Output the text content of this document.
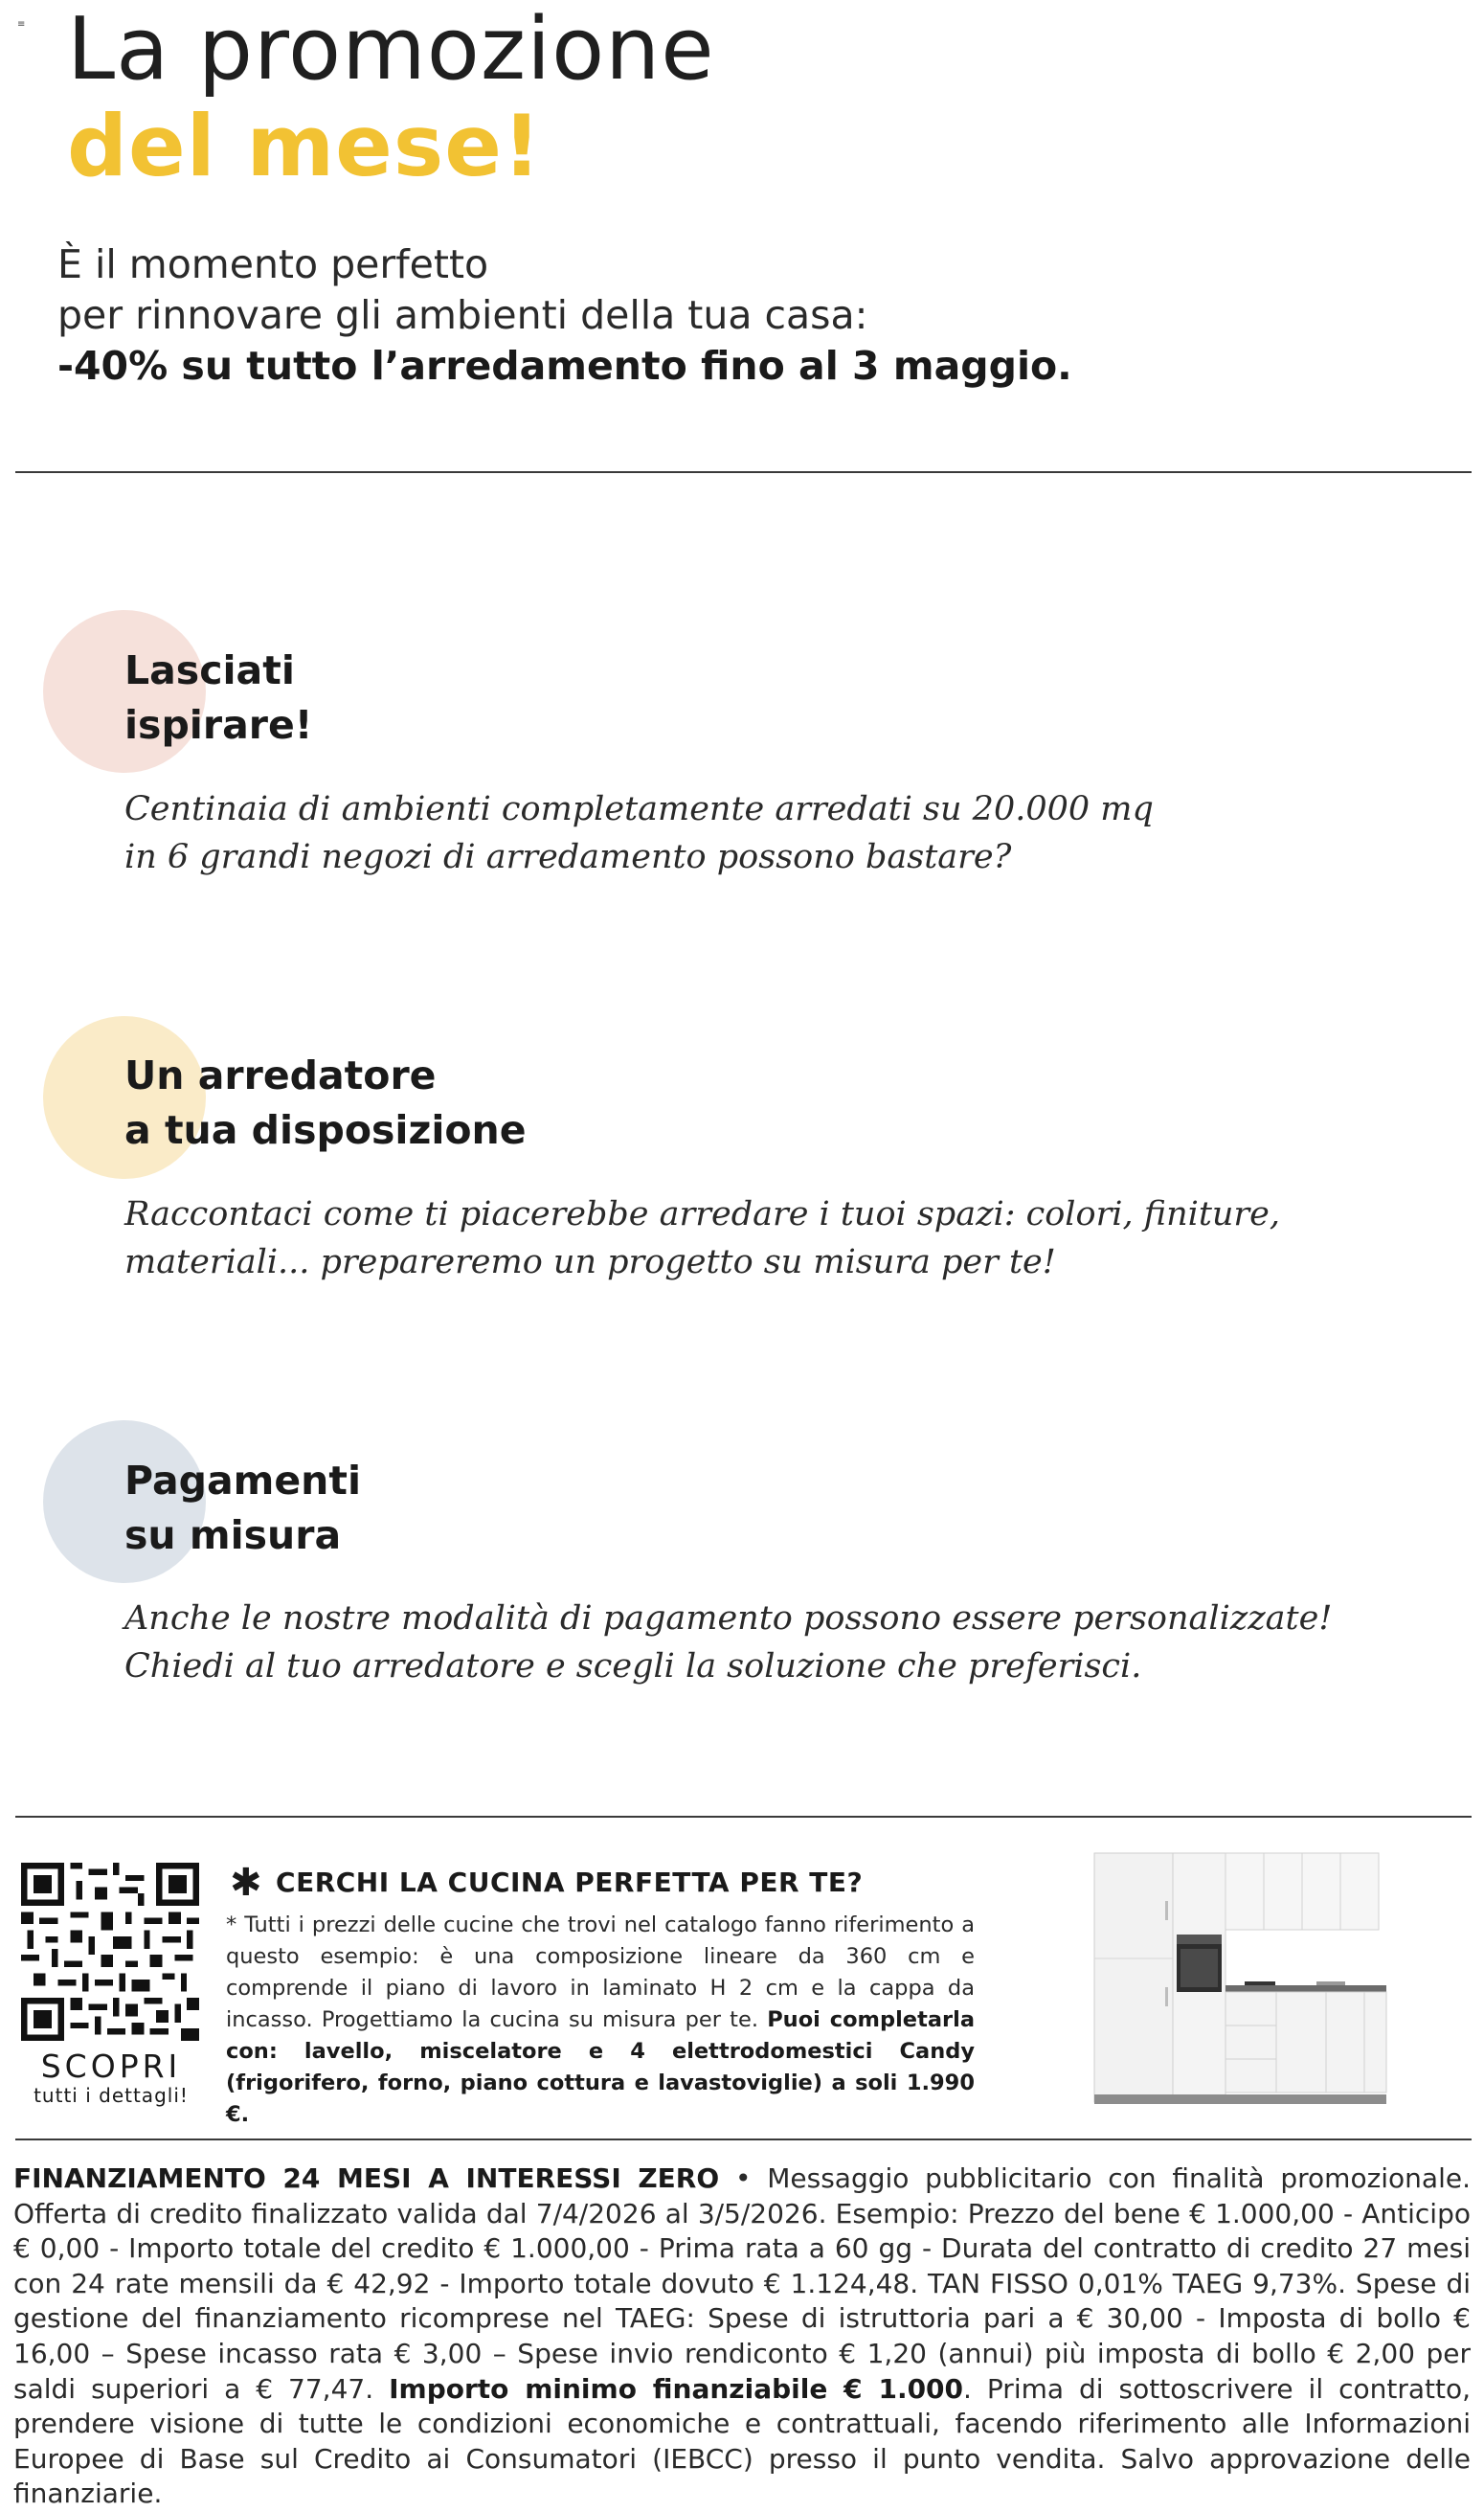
≡ La promozione
del mese!
È il momento perfetto
per rinnovare gli ambienti della tua casa:
-40% su tutto l’arredamento fino al 3 maggio.
Lasciati
ispirare!
Centinaia di ambienti completamente arredati su 20.000 mq
in 6 grandi negozi di arredamento possono bastare?
Un arredatore
a tua disposizione
Raccontaci come ti piacerebbe arredare i tuoi spazi: colori, finiture,
materiali... prepareremo un progetto su misura per te!
Pagamenti
su misura
Anche le nostre modalità di pagamento possono essere personalizzate!
Chiedi al tuo arredatore e scegli la soluzione che preferisci.
SCOPRI
tutti i dettagli!
✱ CERCHI LA CUCINA PERFETTA PER TE?
* Tutti i prezzi delle cucine che trovi nel catalogo fanno riferimento a questo esempio: è una composizione lineare da 360 cm e comprende il piano di lavoro in laminato H 2 cm e la cappa da incasso. Progettiamo la cucina su misura per te. Puoi completarla con: lavello, miscelatore e 4 elettrodomestici Candy (frigorifero, forno, piano cottura e lavastoviglie) a soli 1.990 €.
FINANZIAMENTO 24 MESI A INTERESSI ZERO • Messaggio pubblicitario con finalità promozionale. Offerta di credito finalizzato valida dal 7/4/2026 al 3/5/2026. Esempio: Prezzo del bene € 1.000,00 - Anticipo € 0,00 - Importo totale del credito € 1.000,00 - Prima rata a 60 gg - Durata del contratto di credito 27 mesi con 24 rate mensili da € 42,92 - Importo totale dovuto € 1.124,48. TAN FISSO 0,01% TAEG 9,73%. Spese di gestione del finanziamento ricomprese nel TAEG: Spese di istruttoria pari a € 30,00 - Imposta di bollo € 16,00 – Spese incasso rata € 3,00 – Spese invio rendiconto € 1,20 (annui) più imposta di bollo € 2,00 per saldi superiori a € 77,47. Importo minimo finanziabile € 1.000. Prima di sottoscrivere il contratto, prendere visione di tutte le condizioni economiche e contrattuali, facendo riferimento alle Informazioni Europee di Base sul Credito ai Consumatori (IEBCC) presso il punto vendita. Salvo approvazione delle finanziarie.
